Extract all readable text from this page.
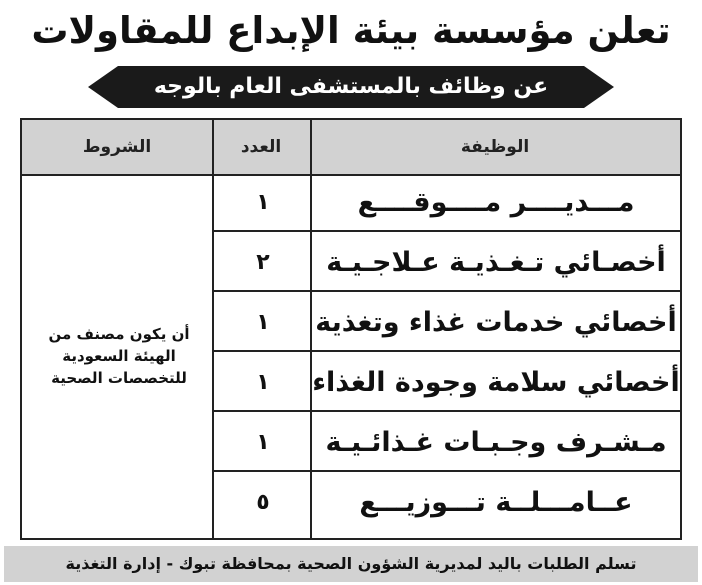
تعلن مؤسسة بيئة الإبداع للمقاولات
عن وظائف بالمستشفى العام بالوجه
الوظيفة
العدد
الشروط
مـــديــــر مــــوقــــع
١
أخصـائي تـغـذيـة عـلاجـيـة
٢
أخصائي خدمات غذاء وتغذية
١
أخصائي سلامة وجودة الغذاء
١
مـشـرف وجـبـات غـذائـيـة
١
عــامـــلــة تـــوزيـــع
٥
أن يكون مصنف من
الهيئة السعودية
للتخصصات الصحية
تسلم الطلبات باليد لمديرية الشؤون الصحية بمحافظة تبوك - إدارة التغذية
